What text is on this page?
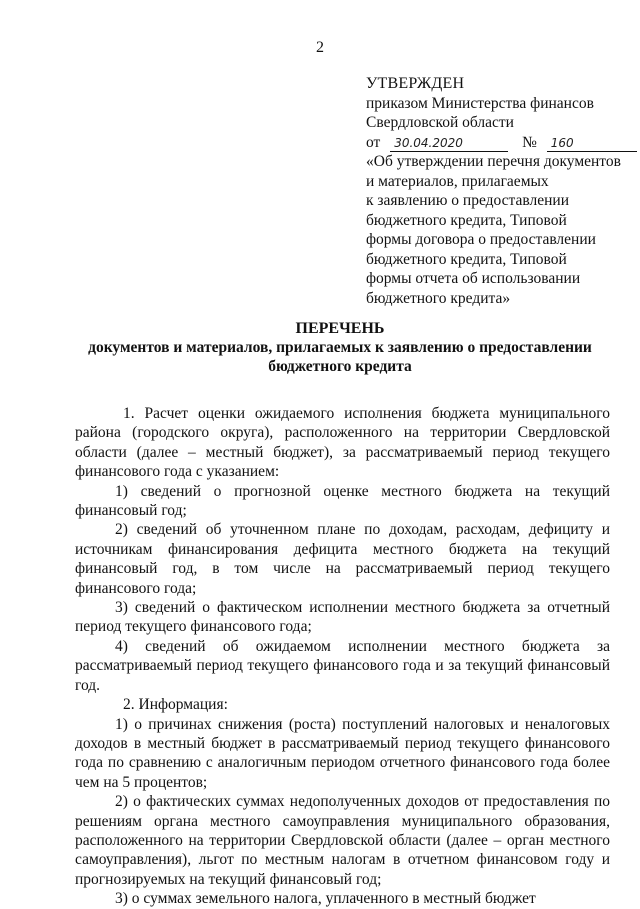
2
УТВЕРЖДЕН
приказом Министерства финансов
Свердловской области
от 30.04.2020	№ 160
«Об утверждении перечня документов
и материалов, прилагаемых
к заявлению о предоставлении
бюджетного кредита, Типовой
формы договора о предоставлении
бюджетного кредита, Типовой
формы отчета об использовании
бюджетного кредита»
ПЕРЕЧЕНЬ
документов и материалов, прилагаемых к заявлению о предоставлении
бюджетного кредита

1. Расчет оценки ожидаемого исполнения бюджета муниципального района (городского округа), расположенного на территории Свердловской области (далее – местный бюджет), за рассматриваемый период текущего финансового года с указанием:

1) сведений о прогнозной оценке местного бюджета на текущий финансовый год;

2) сведений об уточненном плане по доходам, расходам, дефициту и источникам финансирования дефицита местного бюджета на текущий финансовый год, в том числе на рассматриваемый период текущего финансового года;

3) сведений о фактическом исполнении местного бюджета за отчетный период текущего финансового года;

4) сведений об ожидаемом исполнении местного бюджета за рассматриваемый период текущего финансового года и за текущий финансовый год.

2. Информация:

1) о причинах снижения (роста) поступлений налоговых и неналоговых доходов в местный бюджет в рассматриваемый период текущего финансового года по сравнению с аналогичным периодом отчетного финансового года более чем на 5 процентов;

2) о фактических суммах недополученных доходов от предоставления по решениям органа местного самоуправления муниципального образования, расположенного на территории Свердловской области (далее – орган местного самоуправления), льгот по местным налогам в отчетном финансовом году и прогнозируемых на текущий финансовый год;

3) о суммах земельного налога, уплаченного в местный бюджет
